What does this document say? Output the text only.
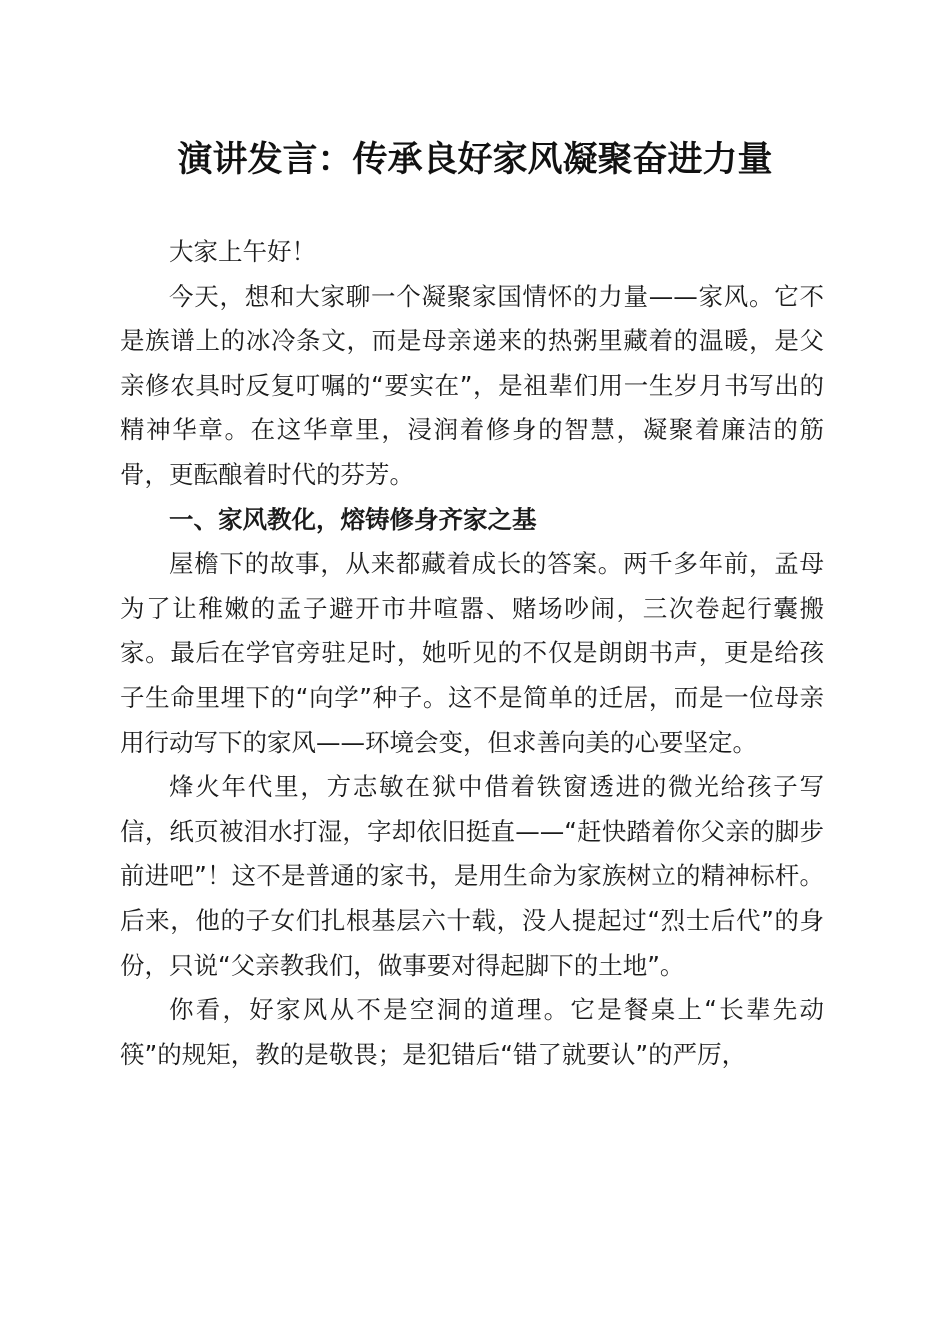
演讲发言：传承良好家风凝聚奋进力量

大家上午好！

今天，想和大家聊一个凝聚家国情怀的力量——家风。它不是族谱上的冰冷条文，而是母亲递来的热粥里藏着的温暖，是父亲修农具时反复叮嘱的“要实在”，是祖辈们用一生岁月书写出的精神华章。在这华章里，浸润着修身的智慧，凝聚着廉洁的筋骨，更酝酿着时代的芬芳。

一、家风教化，熔铸修身齐家之基

屋檐下的故事，从来都藏着成长的答案。两千多年前，孟母为了让稚嫩的孟子避开市井喧嚣、赌场吵闹，三次卷起行囊搬家。最后在学官旁驻足时，她听见的不仅是朗朗书声，更是给孩子生命里埋下的“向学”种子。这不是简单的迁居，而是一位母亲用行动写下的家风——环境会变，但求善向美的心要坚定。

烽火年代里，方志敏在狱中借着铁窗透进的微光给孩子写信，纸页被泪水打湿，字却依旧挺直——“赶快踏着你父亲的脚步前进吧”！这不是普通的家书，是用生命为家族树立的精神标杆。后来，他的子女们扎根基层六十载，没人提起过“烈士后代”的身份，只说“父亲教我们，做事要对得起脚下的土地”。

你看，好家风从不是空洞的道理。它是餐桌上“长辈先动筷”的规矩，教的是敬畏；是犯错后“错了就要认”的严厉，
